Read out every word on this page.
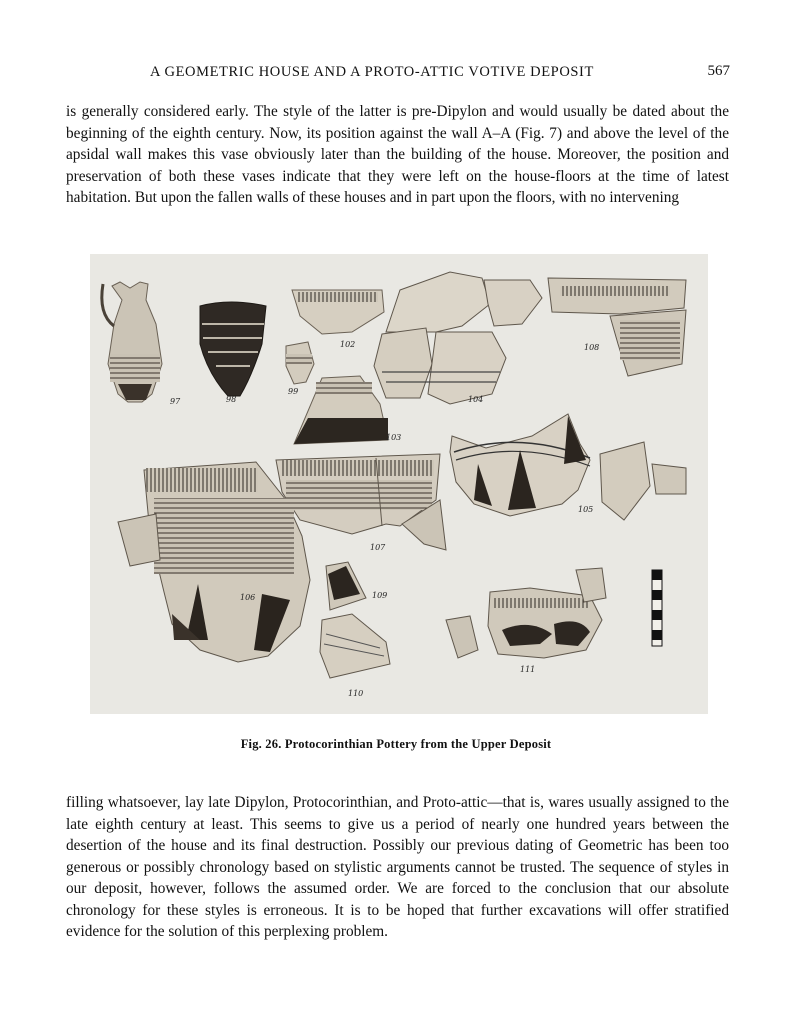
A GEOMETRIC HOUSE AND A PROTO-ATTIC VOTIVE DEPOSIT	567

is generally considered early. The style of the latter is pre-Dipylon and would usually be dated about the beginning of the eighth century. Now, its position against the wall A–A (Fig. 7) and above the level of the apsidal wall makes this vase obviously later than the building of the house. Moreover, the position and preservation of both these vases indicate that they were left on the house-floors at the time of latest habitation. But upon the fallen walls of these houses and in part upon the floors, with no intervening

97	98
99
102
103
104
108
107
105
106	109
110
111
Fig. 26. Protocorinthian Pottery from the Upper Deposit

filling whatsoever, lay late Dipylon, Protocorinthian, and Proto-attic—that is, wares usually assigned to the late eighth century at least. This seems to give us a period of nearly one hundred years between the desertion of the house and its final destruction. Possibly our previous dating of Geometric has been too generous or possibly chronology based on stylistic arguments cannot be trusted. The sequence of styles in our deposit, however, follows the assumed order. We are forced to the conclusion that our absolute chronology for these styles is erroneous. It is to be hoped that further excavations will offer stratified evidence for the solution of this perplexing problem.
